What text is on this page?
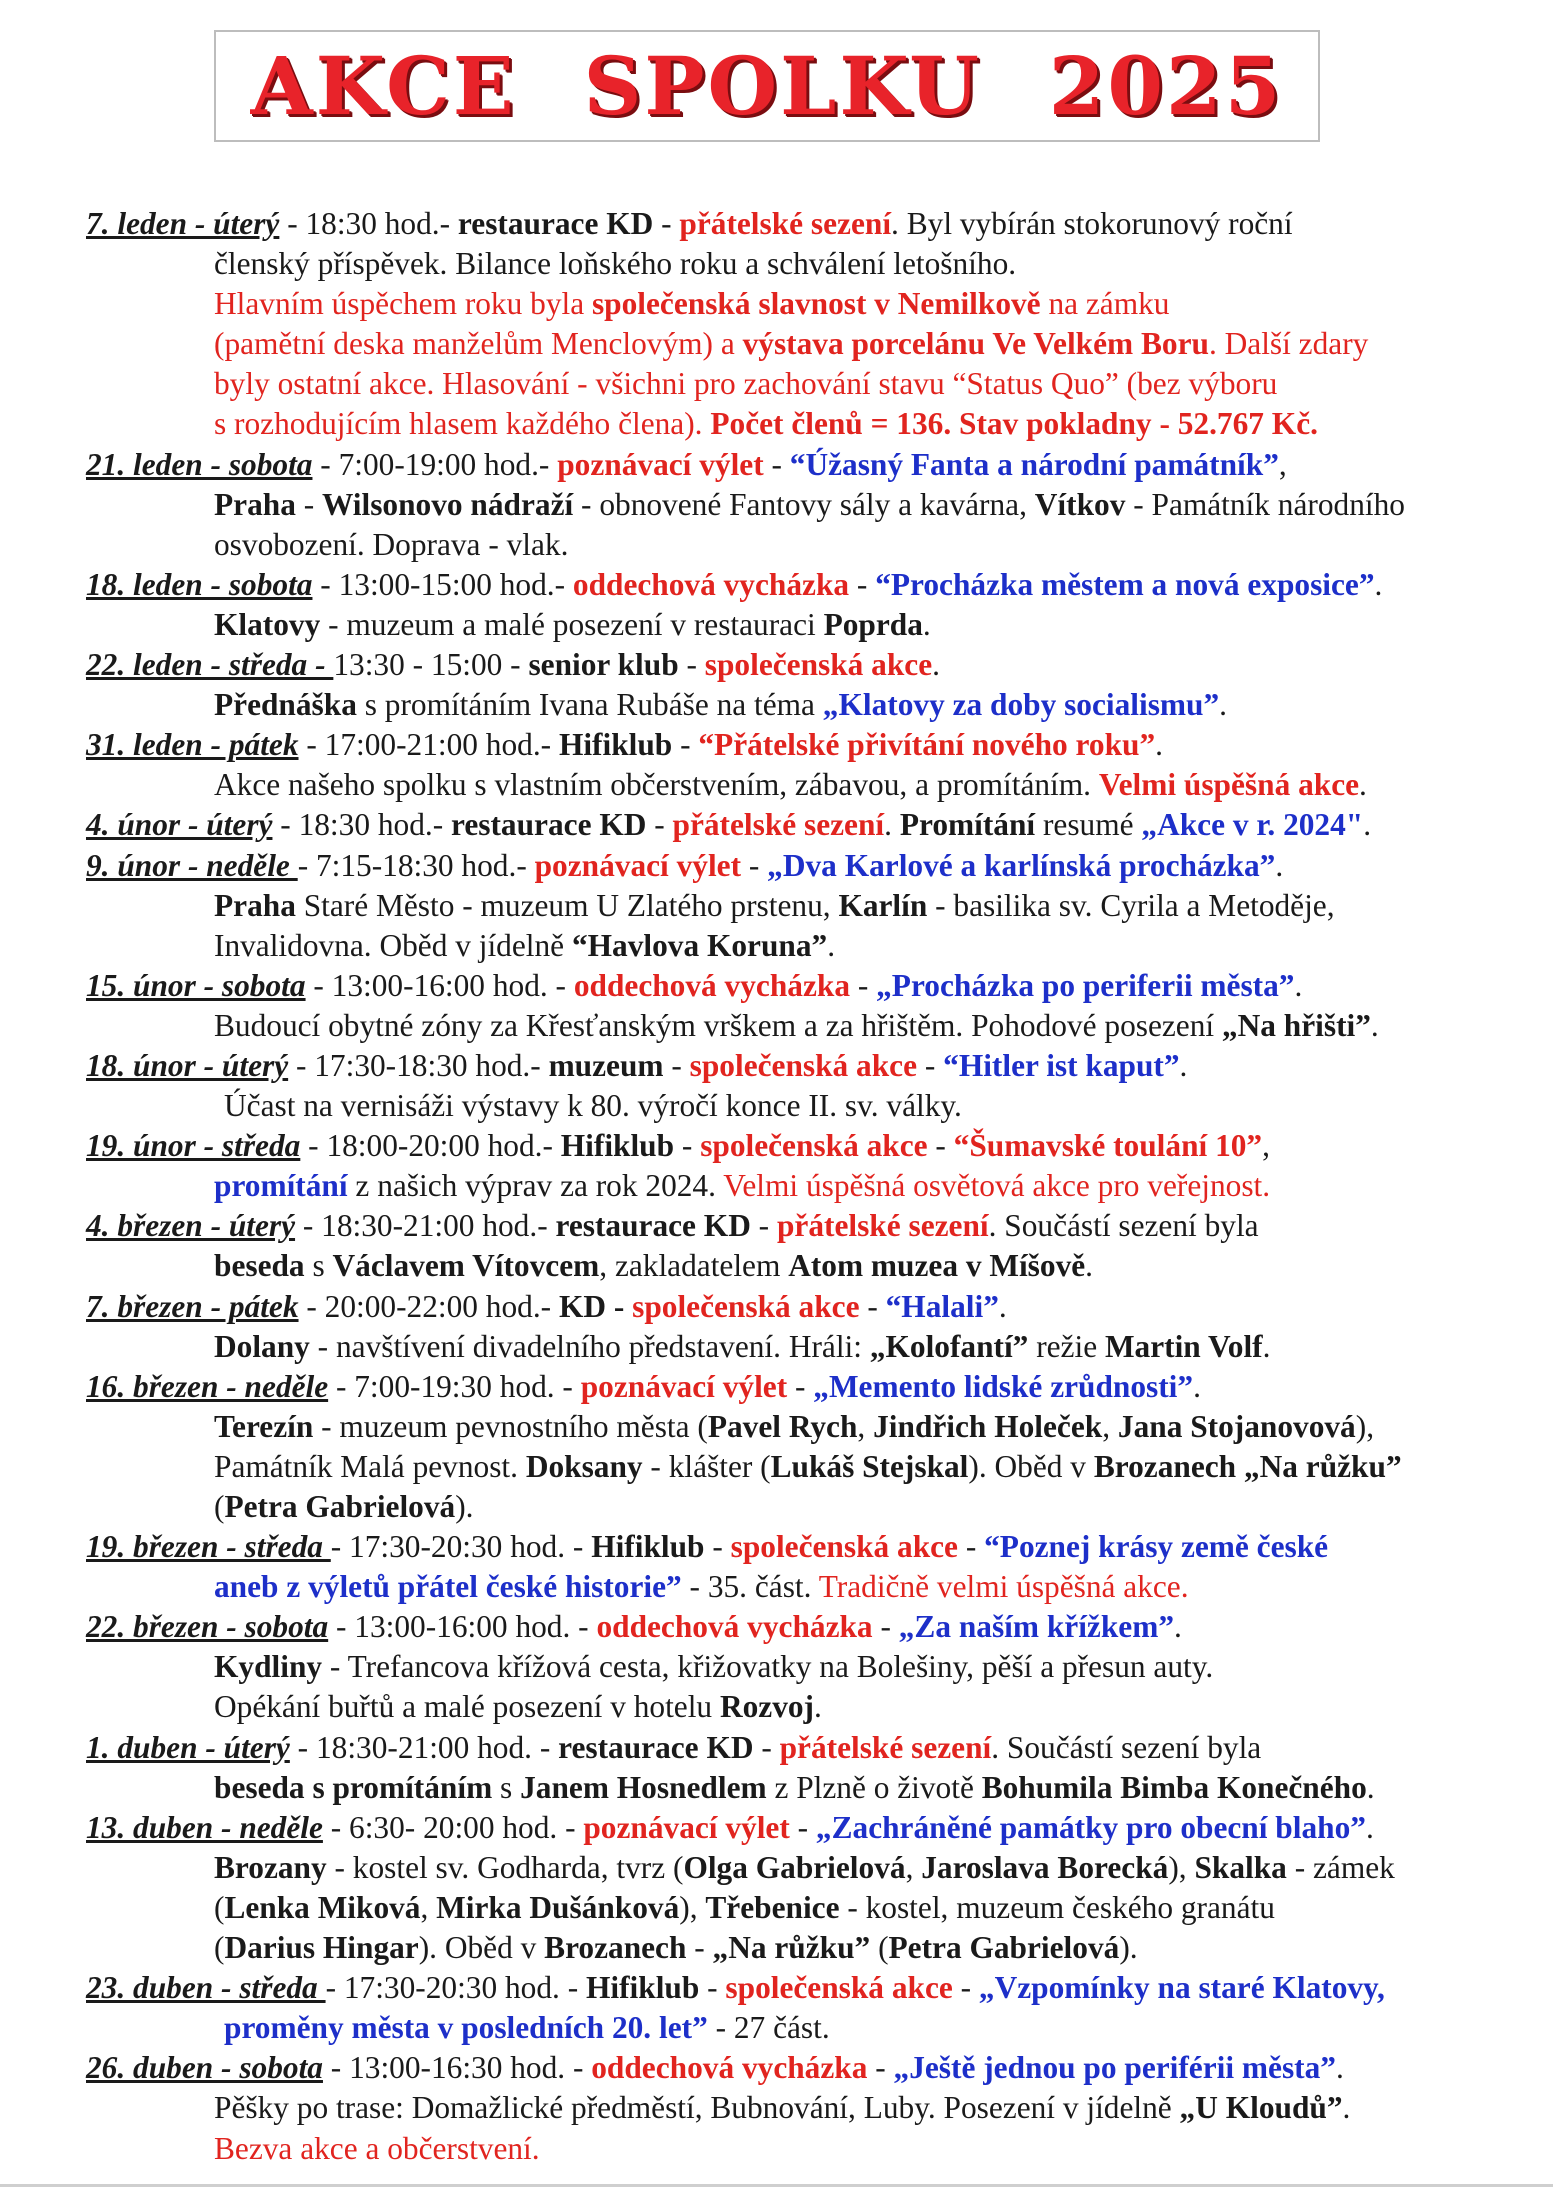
AKCE SPOLKU 2025
7. leden - úterý - 18:30 hod.- restaurace KD - přátelské sezení. Byl vybírán stokorunový roční
členský příspěvek. Bilance loňského roku a schválení letošního.
Hlavním úspěchem roku byla společenská slavnost v Nemilkově na zámku
(pamětní deska manželům Menclovým) a výstava porcelánu Ve Velkém Boru. Další zdary
byly ostatní akce. Hlasování - všichni pro zachování stavu “Status Quo” (bez výboru
s rozhodujícím hlasem každého člena). Počet členů = 136. Stav pokladny - 52.767 Kč.
21. leden - sobota - 7:00-19:00 hod.- poznávací výlet - “Úžasný Fanta a národní památník”,
Praha - Wilsonovo nádraží - obnovené Fantovy sály a kavárna, Vítkov - Památník národního
osvobození. Doprava - vlak.
18. leden - sobota - 13:00-15:00 hod.- oddechová vycházka - “Procházka městem a nová exposice”.
Klatovy - muzeum a malé posezení v restauraci Poprda.
22. leden - středa - 13:30 - 15:00 - senior klub - společenská akce.
Přednáška s promítáním Ivana Rubáše na téma „Klatovy za doby socialismu”.
31. leden - pátek - 17:00-21:00 hod.- Hifiklub - “Přátelské přivítání nového roku”.
Akce našeho spolku s vlastním občerstvením, zábavou, a promítáním. Velmi úspěšná akce.
4. únor - úterý - 18:30 hod.- restaurace KD - přátelské sezení. Promítání resumé „Akce v r. 2024".
9. únor - neděle - 7:15-18:30 hod.- poznávací výlet - „Dva Karlové a karlínská procházka”.
Praha Staré Město - muzeum U Zlatého prstenu, Karlín - basilika sv. Cyrila a Metoděje,
Invalidovna. Oběd v jídelně “Havlova Koruna”.
15. únor - sobota - 13:00-16:00 hod. - oddechová vycházka - „Procházka po periferii města”.
Budoucí obytné zóny za Křesťanským vrškem a za hřištěm. Pohodové posezení „Na hřišti”.
18. únor - úterý - 17:30-18:30 hod.- muzeum - společenská akce - “Hitler ist kaput”.
Účast na vernisáži výstavy k 80. výročí konce II. sv. války.
19. únor - středa - 18:00-20:00 hod.- Hifiklub - společenská akce - “Šumavské toulání 10”,
promítání z našich výprav za rok 2024. Velmi úspěšná osvětová akce pro veřejnost.
4. březen - úterý - 18:30-21:00 hod.- restaurace KD - přátelské sezení. Součástí sezení byla
beseda s Václavem Vítovcem, zakladatelem Atom muzea v Míšově.
7. březen - pátek - 20:00-22:00 hod.- KD - společenská akce - “Halali”.
Dolany - navštívení divadelního představení. Hráli: „Kolofantí” režie Martin Volf.
16. březen - neděle - 7:00-19:30 hod. - poznávací výlet - „Memento lidské zrůdnosti”.
Terezín - muzeum pevnostního města (Pavel Rych, Jindřich Holeček, Jana Stojanovová),
Památník Malá pevnost. Doksany - klášter (Lukáš Stejskal). Oběd v Brozanech „Na růžku”
(Petra Gabrielová).
19. březen - středa - 17:30-20:30 hod. - Hifiklub - společenská akce - “Poznej krásy země české
aneb z výletů přátel české historie” - 35. část. Tradičně velmi úspěšná akce.
22. březen - sobota - 13:00-16:00 hod. - oddechová vycházka - „Za naším křížkem”.
Kydliny - Trefancova křížová cesta, křižovatky na Bolešiny, pěší a přesun auty.
Opékání buřtů a malé posezení v hotelu Rozvoj.
1. duben - úterý - 18:30-21:00 hod. - restaurace KD - přátelské sezení. Součástí sezení byla
beseda s promítáním s Janem Hosnedlem z Plzně o životě Bohumila Bimba Konečného.
13. duben - neděle - 6:30- 20:00 hod. - poznávací výlet - „Zachráněné památky pro obecní blaho”.
Brozany - kostel sv. Godharda, tvrz (Olga Gabrielová, Jaroslava Borecká), Skalka - zámek
(Lenka Miková, Mirka Dušánková), Třebenice - kostel, muzeum českého granátu
(Darius Hingar). Oběd v Brozanech - „Na růžku” (Petra Gabrielová).
23. duben - středa - 17:30-20:30 hod. - Hifiklub - společenská akce - „Vzpomínky na staré Klatovy,
proměny města v posledních 20. let” - 27 část.
26. duben - sobota - 13:00-16:30 hod. - oddechová vycházka - „Ještě jednou po periférii města”.
Pěšky po trase: Domažlické předměstí, Bubnování, Luby. Posezení v jídelně „U Kloudů”.
Bezva akce a občerstvení.
